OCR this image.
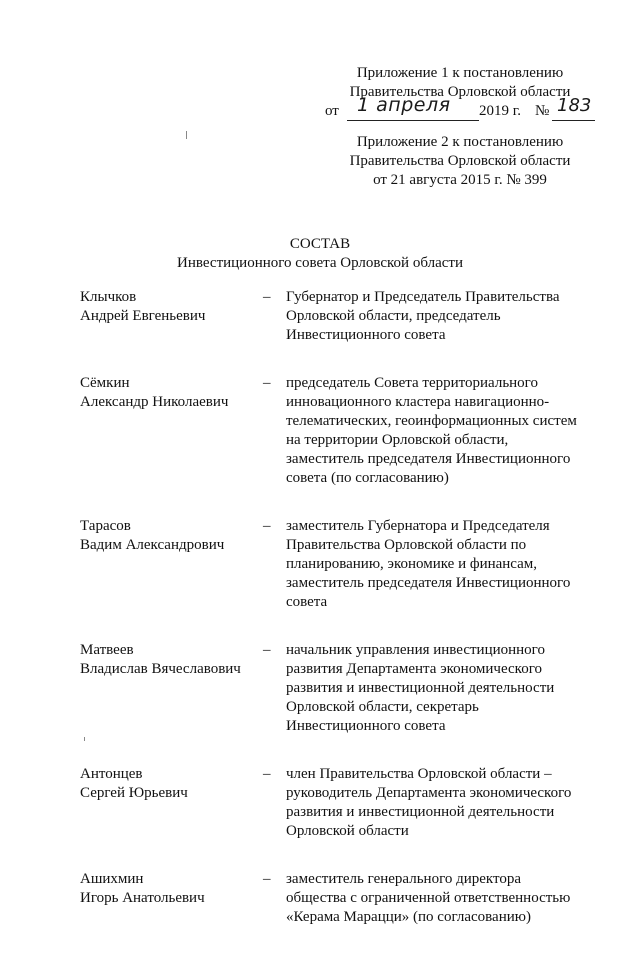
Приложение 1 к постановлению
Правительства Орловской области
от 1 апреля 2019 г. № 183
Приложение 2 к постановлению
Правительства Орловской области
от 21 августа 2015 г. № 399
СОСТАВ
Инвестиционного совета Орловской области
Клычков
Андрей Евгеньевич
– Губернатор и Председатель Правительства
Орловской области, председатель
Инвестиционного совета
Сёмкин
Александр Николаевич
– председатель Совета территориального
инновационного кластера навигационно-
телематических, геоинформационных систем
на территории Орловской области,
заместитель председателя Инвестиционного
совета (по согласованию)
Тарасов
Вадим Александрович
– заместитель Губернатора и Председателя
Правительства Орловской области по
планированию, экономике и финансам,
заместитель председателя Инвестиционного
совета
Матвеев
Владислав Вячеславович
– начальник управления инвестиционного
развития Департамента экономического
развития и инвестиционной деятельности
Орловской области, секретарь
Инвестиционного совета
Антонцев
Сергей Юрьевич
– член Правительства Орловской области –
руководитель Департамента экономического
развития и инвестиционной деятельности
Орловской области
Ашихмин
Игорь Анатольевич
– заместитель генерального директора
общества с ограниченной ответственностью
«Керама Марацци» (по согласованию)
